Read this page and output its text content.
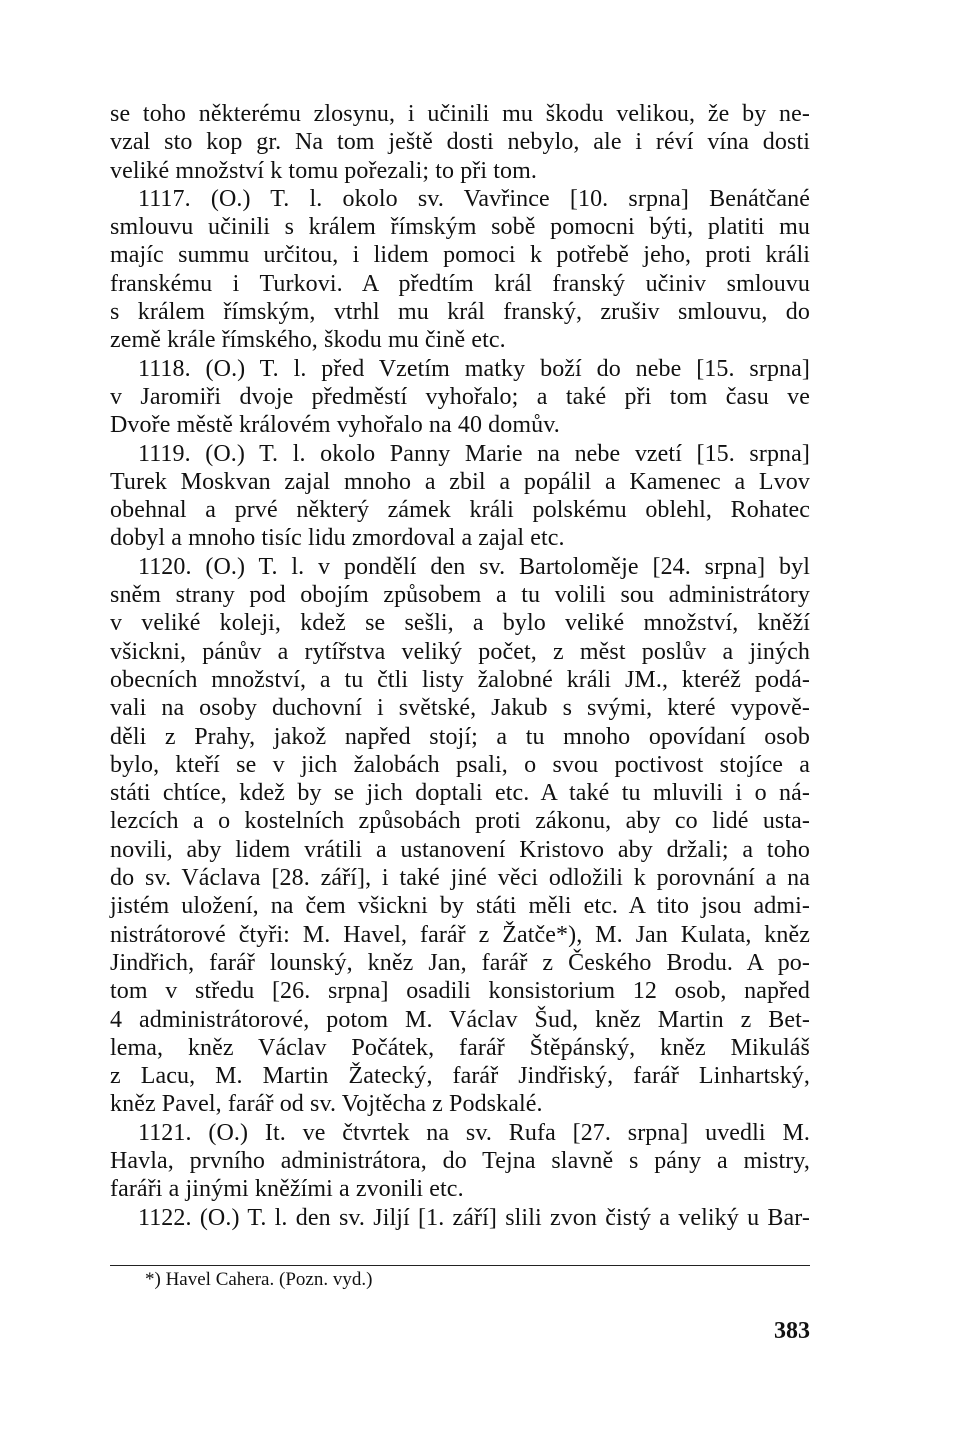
se toho některému zlosynu, i učinili mu škodu velikou, že by ne-
vzal sto kop gr. Na tom ještě dosti nebylo, ale i réví vína dosti
veliké množství k tomu pořezali; to při tom.
1117. (O.) T. l. okolo sv. Vavřince [10. srpna] Benátčané
smlouvu učinili s králem římským sobě pomocni býti, platiti mu
majíc summu určitou, i lidem pomoci k potřebě jeho, proti králi
franskému i Turkovi. A předtím král franský učiniv smlouvu
s králem římským, vtrhl mu král franský, zrušiv smlouvu, do
země krále římského, škodu mu čině etc.
1118. (O.) T. l. před Vzetím matky boží do nebe [15. srpna]
v Jaromiři dvoje předměstí vyhořalo; a také při tom času ve
Dvoře městě královém vyhořalo na 40 domův.
1119. (O.) T. l. okolo Panny Marie na nebe vzetí [15. srpna]
Turek Moskvan zajal mnoho a zbil a popálil a Kamenec a Lvov
obehnal a prvé některý zámek králi polskému oblehl, Rohatec
dobyl a mnoho tisíc lidu zmordoval a zajal etc.
1120. (O.) T. l. v pondělí den sv. Bartoloměje [24. srpna] byl
sněm strany pod obojím způsobem a tu volili sou administrátory
v veliké koleji, kdež se sešli, a bylo veliké množství, kněží
všickni, pánův a rytířstva veliký počet, z měst poslův a jiných
obecních množství, a tu čtli listy žalobné králi JM., kteréž podá-
vali na osoby duchovní i světské, Jakub s svými, které vypově-
děli z Prahy, jakož napřed stojí; a tu mnoho opovídaní osob
bylo, kteří se v jich žalobách psali, o svou poctivost stojíce a
státi chtíce, kdež by se jich doptali etc. A také tu mluvili i o ná-
lezcích a o kostelních způsobách proti zákonu, aby co lidé usta-
novili, aby lidem vrátili a ustanovení Kristovo aby držali; a toho
do sv. Václava [28. září], i také jiné věci odložili k porovnání a na
jistém uložení, na čem všickni by státi měli etc. A tito jsou admi-
nistrátorové čtyři: M. Havel, farář z Žatče*), M. Jan Kulata, kněz
Jindřich, farář lounský, kněz Jan, farář z Českého Brodu. A po-
tom v středu [26. srpna] osadili konsistorium 12 osob, napřed
4 administrátorové, potom M. Václav Šud, kněz Martin z Bet-
lema, kněz Václav Počátek, farář Štěpánský, kněz Mikuláš
z Lacu, M. Martin Žatecký, farář Jindřiský, farář Linhartský,
kněz Pavel, farář od sv. Vojtěcha z Podskalé.
1121. (O.) It. ve čtvrtek na sv. Rufa [27. srpna] uvedli M.
Havla, prvního administrátora, do Tejna slavně s pány a mistry,
faráři a jinými kněžími a zvonili etc.
1122. (O.) T. l. den sv. Jiljí [1. září] slili zvon čistý a veliký u Bar-
*) Havel Cahera. (Pozn. vyd.)
383
